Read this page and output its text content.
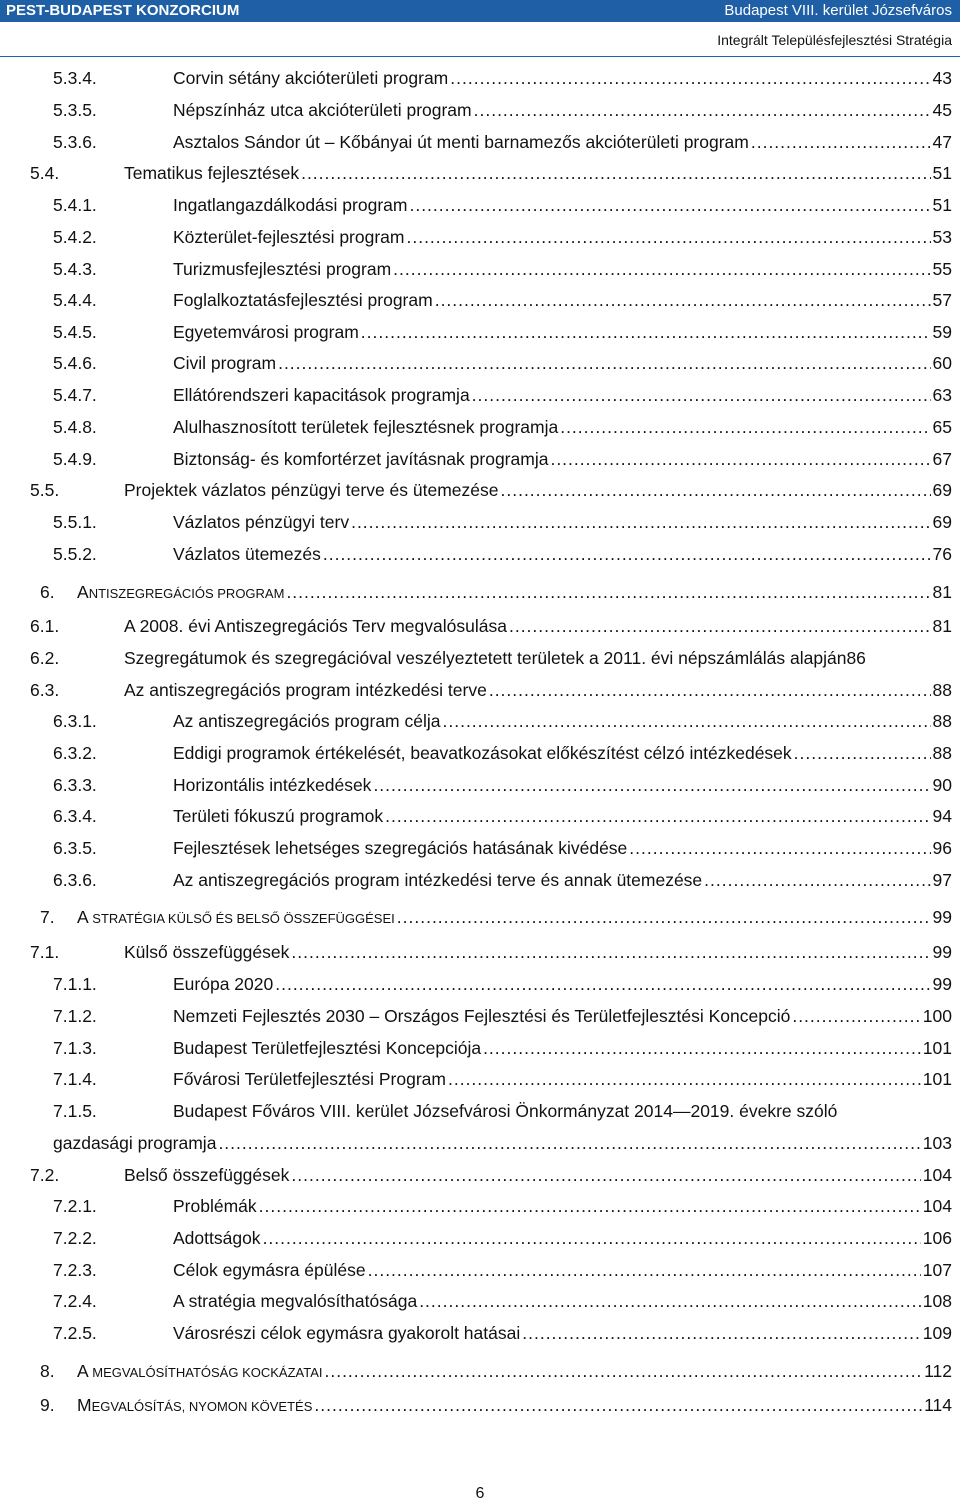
PEST-BUDAPEST KONZORCIUM	Budapest VIII. kerület Józsefváros
Integrált Településfejlesztési Stratégia
5.3.4.	Corvin sétány akcióterületi program .....	43
5.3.5.	Népszínház utca akcióterületi program .....	45
5.3.6.	Asztalos Sándor út – Kőbányai út menti barnamezős akcióterületi program .....	47
5.4.	Tematikus fejlesztések .....	51
5.4.1.	Ingatlangazdálkodási program .....	51
5.4.2.	Közterület-fejlesztési program .....	53
5.4.3.	Turizmusfejlesztési program .....	55
5.4.4.	Foglalkoztatásfejlesztési program .....	57
5.4.5.	Egyetemvárosi program .....	59
5.4.6.	Civil program .....	60
5.4.7.	Ellátórendszeri kapacitások programja .....	63
5.4.8.	Alulhasznosított területek fejlesztésnek programja .....	65
5.4.9.	Biztonság- és komfortérzet javításnak programja .....	67
5.5.	Projektek vázlatos pénzügyi terve és ütemezése .....	69
5.5.1.	Vázlatos pénzügyi terv .....	69
5.5.2.	Vázlatos ütemezés .....	76
6. ANTISZEGREGÁCIÓS PROGRAM .....	81
6.1.	A 2008. évi Antiszegregációs Terv megvalósulása .....	81
6.2.	Szegregátumok és szegregációval veszélyeztetett területek a 2011. évi népszámlálás alapján 86
6.3.	Az antiszegregációs program intézkedési terve .....	88
6.3.1.	Az antiszegregációs program célja .....	88
6.3.2.	Eddigi programok értékelését, beavatkozásokat előkészítést célzó intézkedések .....	88
6.3.3.	Horizontális intézkedések .....	90
6.3.4.	Területi fókuszú programok .....	94
6.3.5.	Fejlesztések lehetséges szegregációs hatásának kivédése .....	96
6.3.6.	Az antiszegregációs program intézkedési terve és annak ütemezése .....	97
7. A STRATÉGIA KÜLSŐ ÉS BELSŐ ÖSSZEFÜGGÉSEI .....	99
7.1.	Külső összefüggések .....	99
7.1.1.	Európa 2020 .....	99
7.1.2.	Nemzeti Fejlesztés 2030 – Országos Fejlesztési és Területfejlesztési Koncepció .....	100
7.1.3.	Budapest Területfejlesztési Koncepciója .....	101
7.1.4.	Fővárosi Területfejlesztési Program .....	101
7.1.5.	Budapest Főváros VIII. kerület Józsefvárosi Önkormányzat 2014—2019. évekre szóló
gazdasági programja .....	103
7.2.	Belső összefüggések .....	104
7.2.1.	Problémák .....	104
7.2.2.	Adottságok .....	106
7.2.3.	Célok egymásra épülése .....	107
7.2.4.	A stratégia megvalósíthatósága .....	108
7.2.5.	Városrészi célok egymásra gyakorolt hatásai .....	109
8. A MEGVALÓSÍTHATÓSÁG KOCKÁZATAI .....	112
9. MEGVALÓSÍTÁS, NYOMON KÖVETÉS .....	114
6
